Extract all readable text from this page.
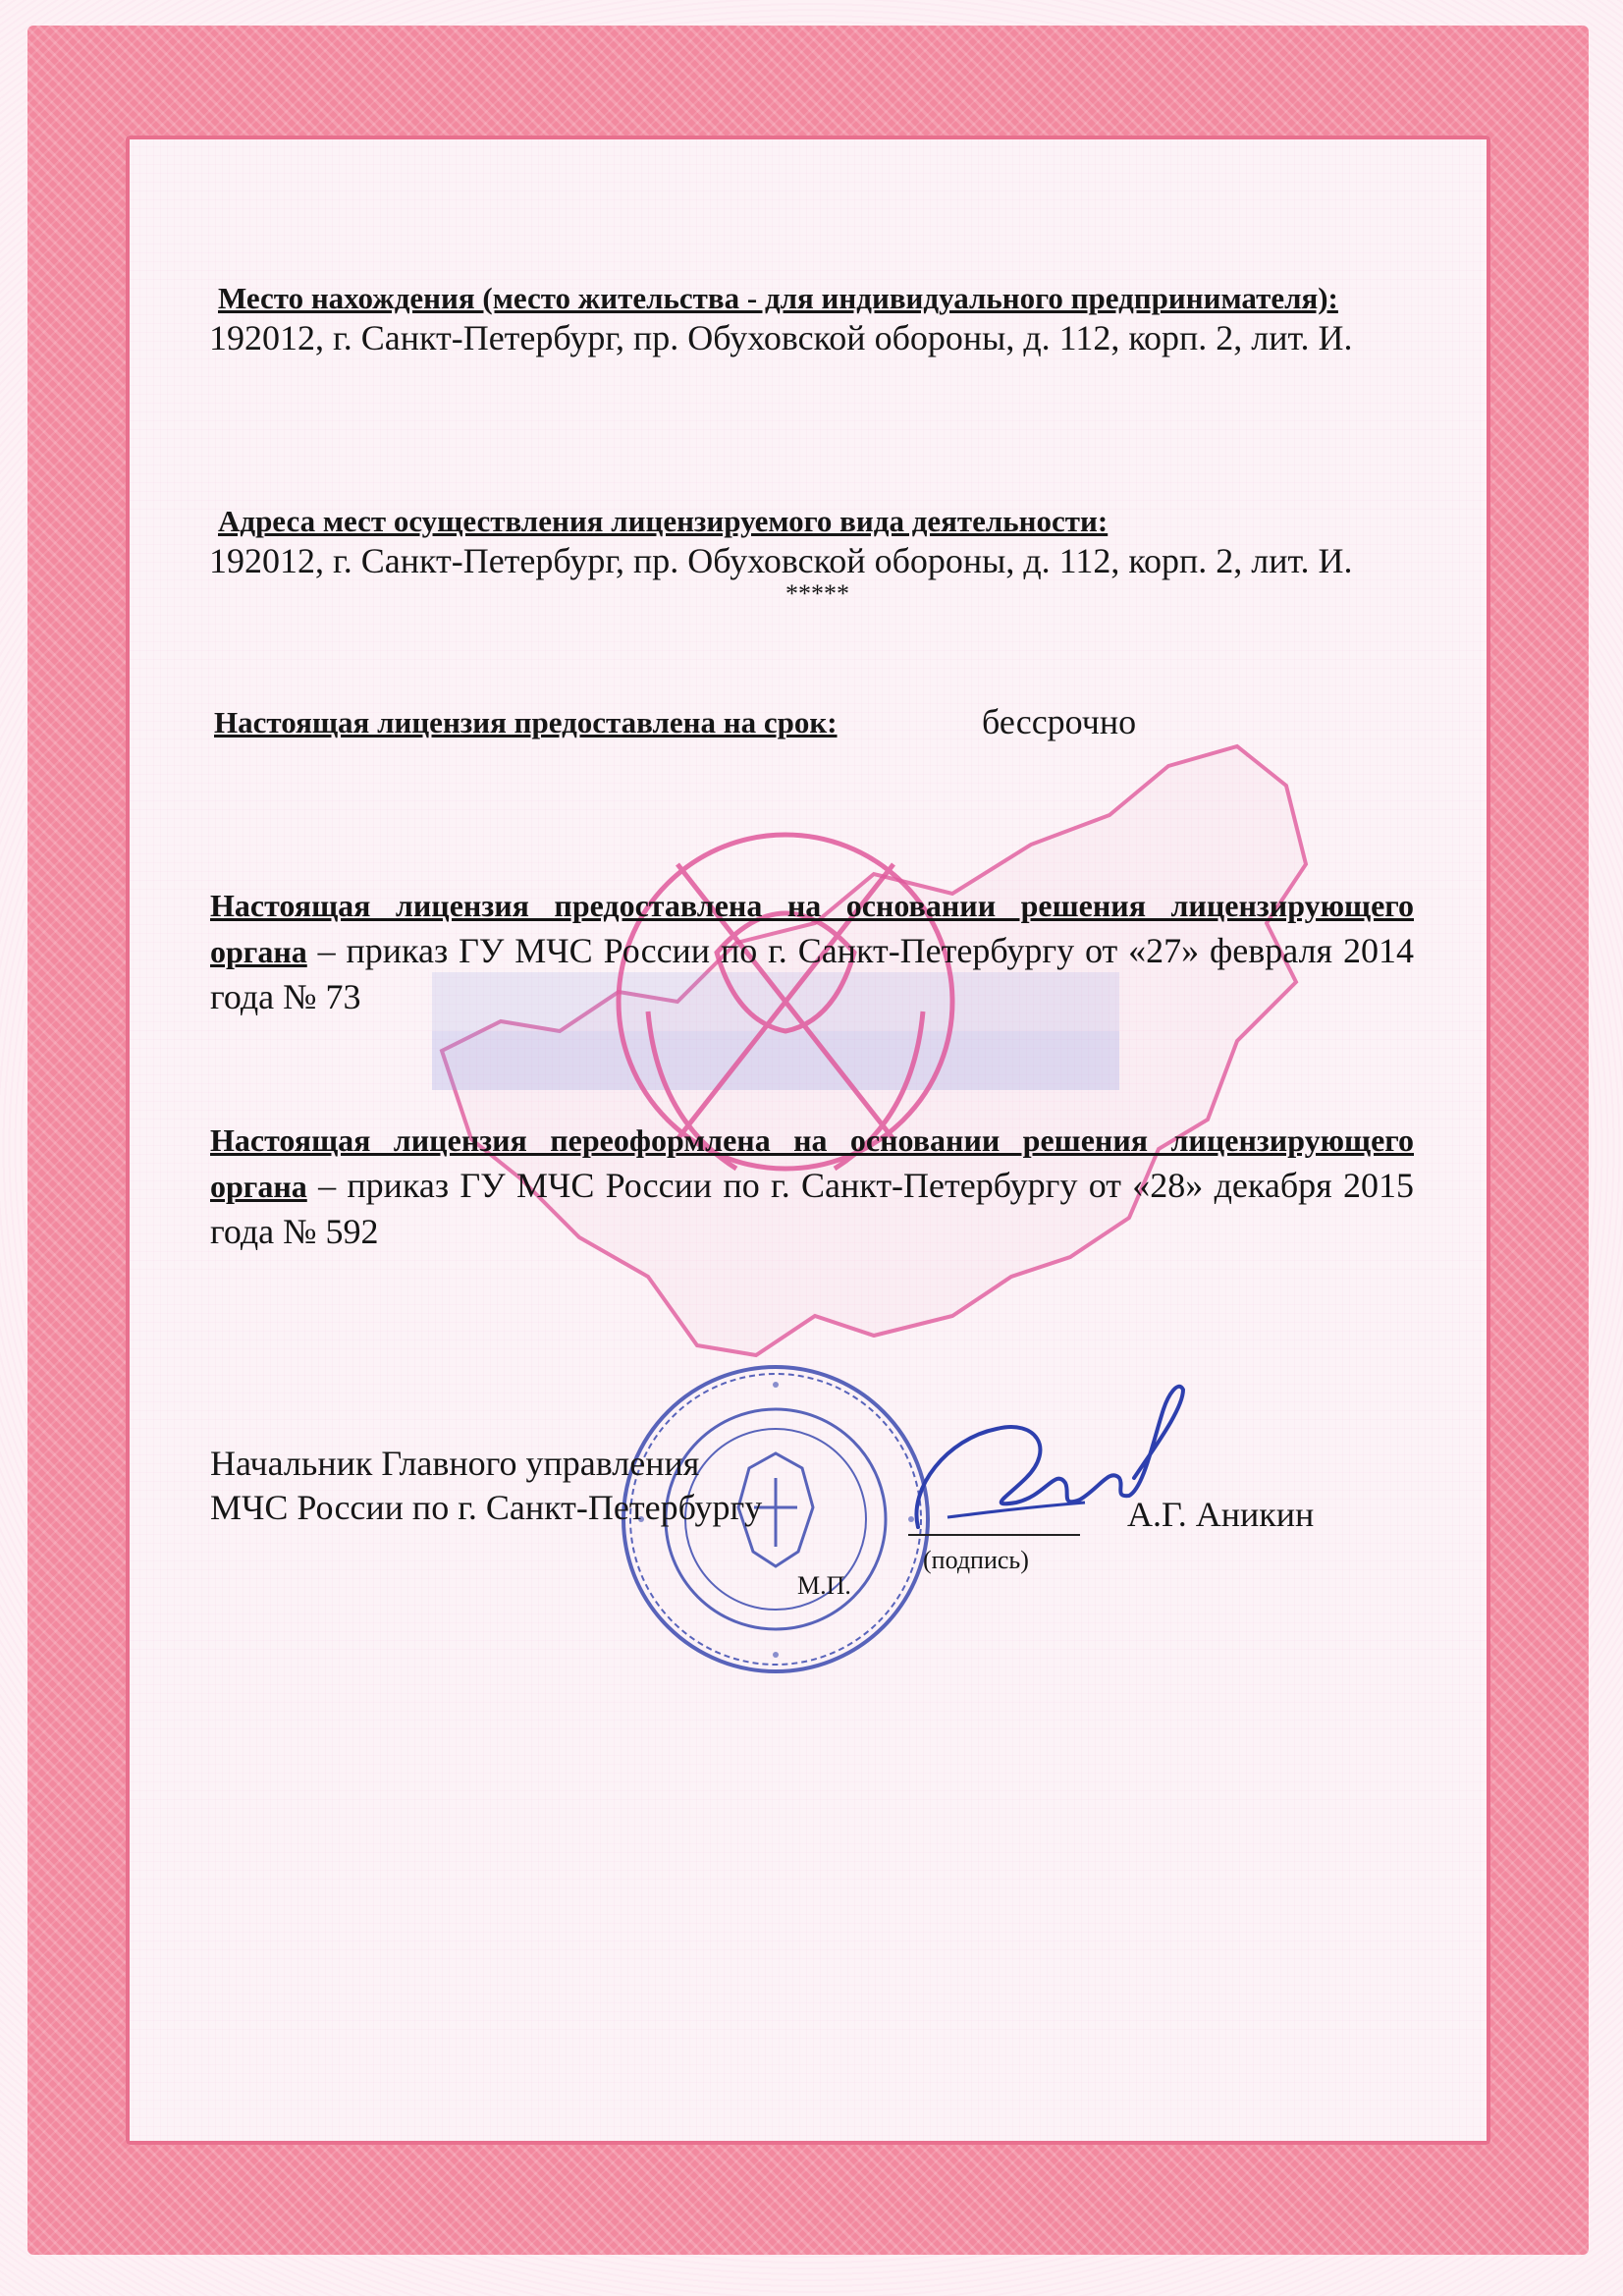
Место нахождения (место жительства - для индивидуального предпринимателя):
192012, г. Санкт-Петербург, пр. Обуховской обороны, д. 112, корп. 2, лит. И.
Адреса мест осуществления лицензируемого вида деятельности:
192012, г. Санкт-Петербург, пр. Обуховской обороны, д. 112, корп. 2, лит. И.
*****
Настоящая лицензия предоставлена на срок:	бессрочно
Настоящая лицензия предоставлена на основании решения лицензирующего органа – приказ ГУ МЧС России по г. Санкт-Петербургу от «27» февраля 2014 года № 73
Настоящая лицензия переоформлена на основании решения лицензирующего органа – приказ ГУ МЧС России по г. Санкт-Петербургу от «28» декабря 2015 года № 592
Начальник Главного управления
МЧС России по г. Санкт-Петербургу	А.Г. Аникин
(подпись)
М.П.
